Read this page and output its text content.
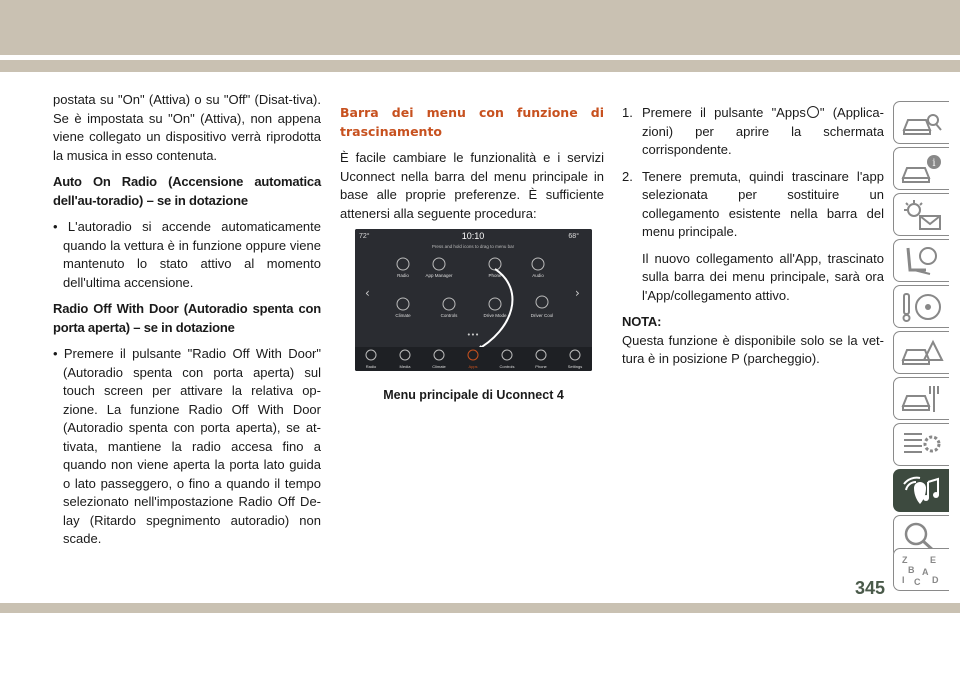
postata su "On" (Attiva) o su "Off" (Disat-tiva). Se è impostata su "On" (Attiva), non appena viene collegato un dispositivo verrà riprodotta la musica in esso contenuta.

Auto On Radio (Accensione automatica dell'au-toradio) – se in dotazione

• L'autoradio si accende automaticamente quando la vettura è in funzione oppure viene mantenuto lo stato attivo al momento dell'ultima accensione.

Radio Off With Door (Autoradio spenta con porta aperta) – se in dotazione

• Premere il pulsante "Radio Off With Door" (Autoradio spenta con porta aperta) sul touch screen per attivare la relativa op-zione. La funzione Radio Off With Door (Autoradio spenta con porta aperta), se at-tivata, mantiene la radio accesa fino a quando non viene aperta la porta lato guida o lato passeggero, o fino a quando il tempo selezionato nell'impostazione Radio Off De-lay (Ritardo spegnimento autoradio) non scade.

Barra dei menu con funzione di trascinamento

È facile cambiare le funzionalità e i servizi Uconnect nella barra del menu principale in base alle proprie preferenze. È sufficiente attenersi alla seguente procedura:

72°	10:10	68°
Press and hold icons to drag to menu bar
‹	›
Radio	App Manager	Phone	Audio
Climate	Controls	Drive Mode	Driver Cool
•••
Radio	Media	Climate	Apps	Controls	Phone	Settings
Menu principale di Uconnect 4
1. Premere il pulsante "Apps " (Applica-zioni) per aprire la schermata corrispondente.
2. Tenere premuta, quindi trascinare l'app selezionata per sostituire un collegamento esistente nella barra del menu principale.

Il nuovo collegamento all'App, trascinato sulla barra dei menu principale, sarà ora l'App/collegamento attivo.

NOTA:

Questa funzione è disponibile solo se la vet-tura è in posizione P (parcheggio).

i
Z	E
B A
I C D
345
